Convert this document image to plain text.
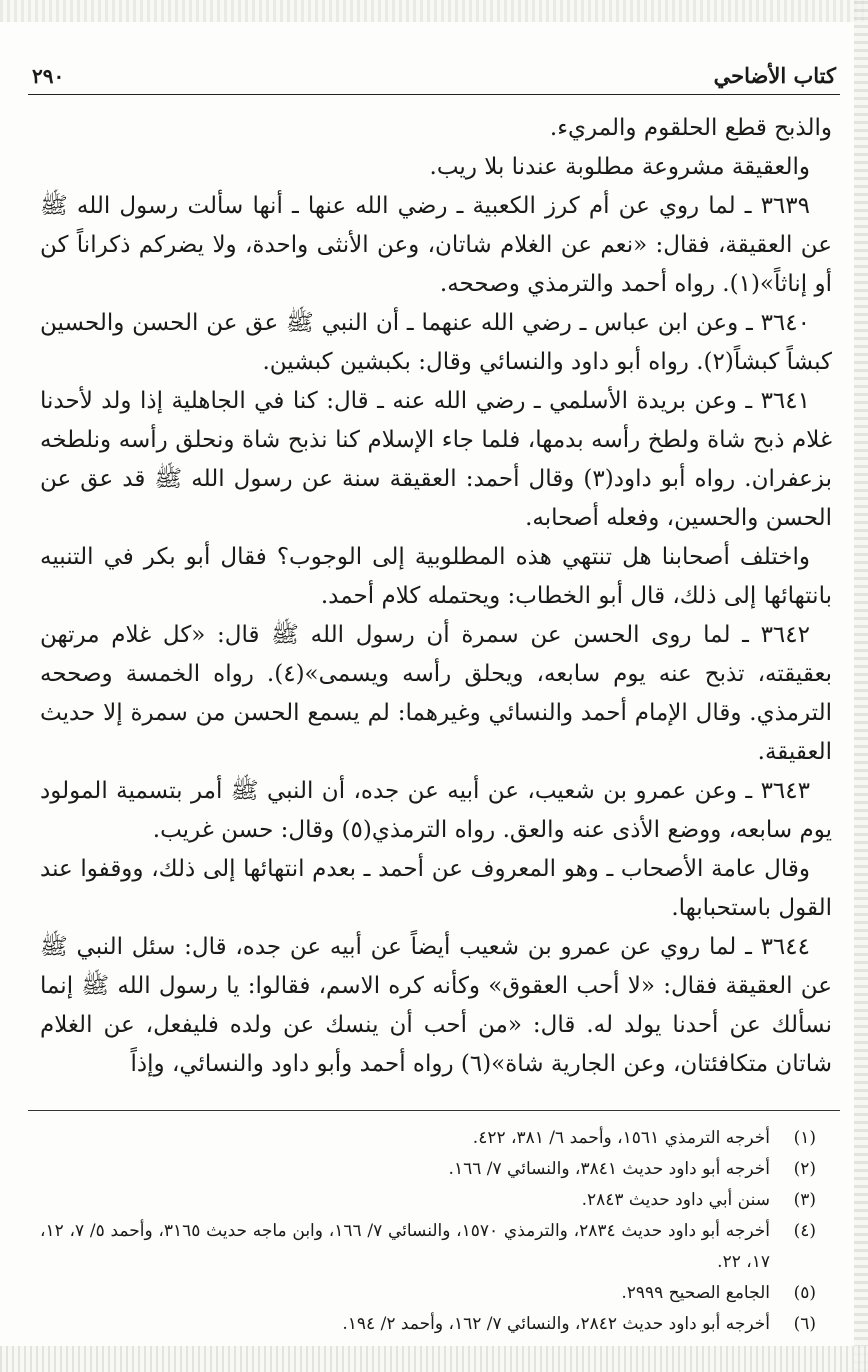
كتاب الأضاحي
٢٩٠

والذبح قطع الحلقوم والمريء.

والعقيقة مشروعة مطلوبة عندنا بلا ريب.

٣٦٣٩ ـ لما روي عن أم كرز الكعبية ـ رضي الله عنها ـ أنها سألت رسول الله ﷺ عن العقيقة، فقال: «نعم عن الغلام شاتان، وعن الأنثى واحدة، ولا يضركم ذكراناً كن أو إناثاً»(١). رواه أحمد والترمذي وصححه.

٣٦٤٠ ـ وعن ابن عباس ـ رضي الله عنهما ـ أن النبي ﷺ عق عن الحسن والحسين كبشاً كبشاً(٢). رواه أبو داود والنسائي وقال: بكبشين كبشين.

٣٦٤١ ـ وعن بريدة الأسلمي ـ رضي الله عنه ـ قال: كنا في الجاهلية إذا ولد لأحدنا غلام ذبح شاة ولطخ رأسه بدمها، فلما جاء الإسلام كنا نذبح شاة ونحلق رأسه ونلطخه بزعفران. رواه أبو داود(٣) وقال أحمد: العقيقة سنة عن رسول الله ﷺ قد عق عن الحسن والحسين، وفعله أصحابه.

واختلف أصحابنا هل تنتهي هذه المطلوبية إلى الوجوب؟ فقال أبو بكر في التنبيه بانتهائها إلى ذلك، قال أبو الخطاب: ويحتمله كلام أحمد.

٣٦٤٢ ـ لما روى الحسن عن سمرة أن رسول الله ﷺ قال: «كل غلام مرتهن بعقيقته، تذبح عنه يوم سابعه، ويحلق رأسه ويسمى»(٤). رواه الخمسة وصححه الترمذي. وقال الإمام أحمد والنسائي وغيرهما: لم يسمع الحسن من سمرة إلا حديث العقيقة.

٣٦٤٣ ـ وعن عمرو بن شعيب، عن أبيه عن جده، أن النبي ﷺ أمر بتسمية المولود يوم سابعه، ووضع الأذى عنه والعق. رواه الترمذي(٥) وقال: حسن غريب.

وقال عامة الأصحاب ـ وهو المعروف عن أحمد ـ بعدم انتهائها إلى ذلك، ووقفوا عند القول باستحبابها.

٣٦٤٤ ـ لما روي عن عمرو بن شعيب أيضاً عن أبيه عن جده، قال: سئل النبي ﷺ عن العقيقة فقال: «لا أحب العقوق» وكأنه كره الاسم، فقالوا: يا رسول الله ﷺ إنما نسألك عن أحدنا يولد له. قال: «من أحب أن ينسك عن ولده فليفعل، عن الغلام شاتان متكافئتان، وعن الجارية شاة»(٦) رواه أحمد وأبو داود والنسائي، وإذاً

(١)
أخرجه الترمذي ١٥٦١، وأحمد ٦/ ٣٨١، ٤٢٢.
(٢)
أخرجه أبو داود حديث ٣٨٤١، والنسائي ٧/ ١٦٦.
(٣)
سنن أبي داود حديث ٢٨٤٣.
(٤)
أخرجه أبو داود حديث ٢٨٣٤، والترمذي ١٥٧٠، والنسائي ٧/ ١٦٦، وابن ماجه حديث ٣١٦٥، وأحمد ٥/ ٧، ١٢، ١٧، ٢٢.
(٥)
الجامع الصحيح ٢٩٩٩.
(٦)
أخرجه أبو داود حديث ٢٨٤٢، والنسائي ٧/ ١٦٢، وأحمد ٢/ ١٩٤.
